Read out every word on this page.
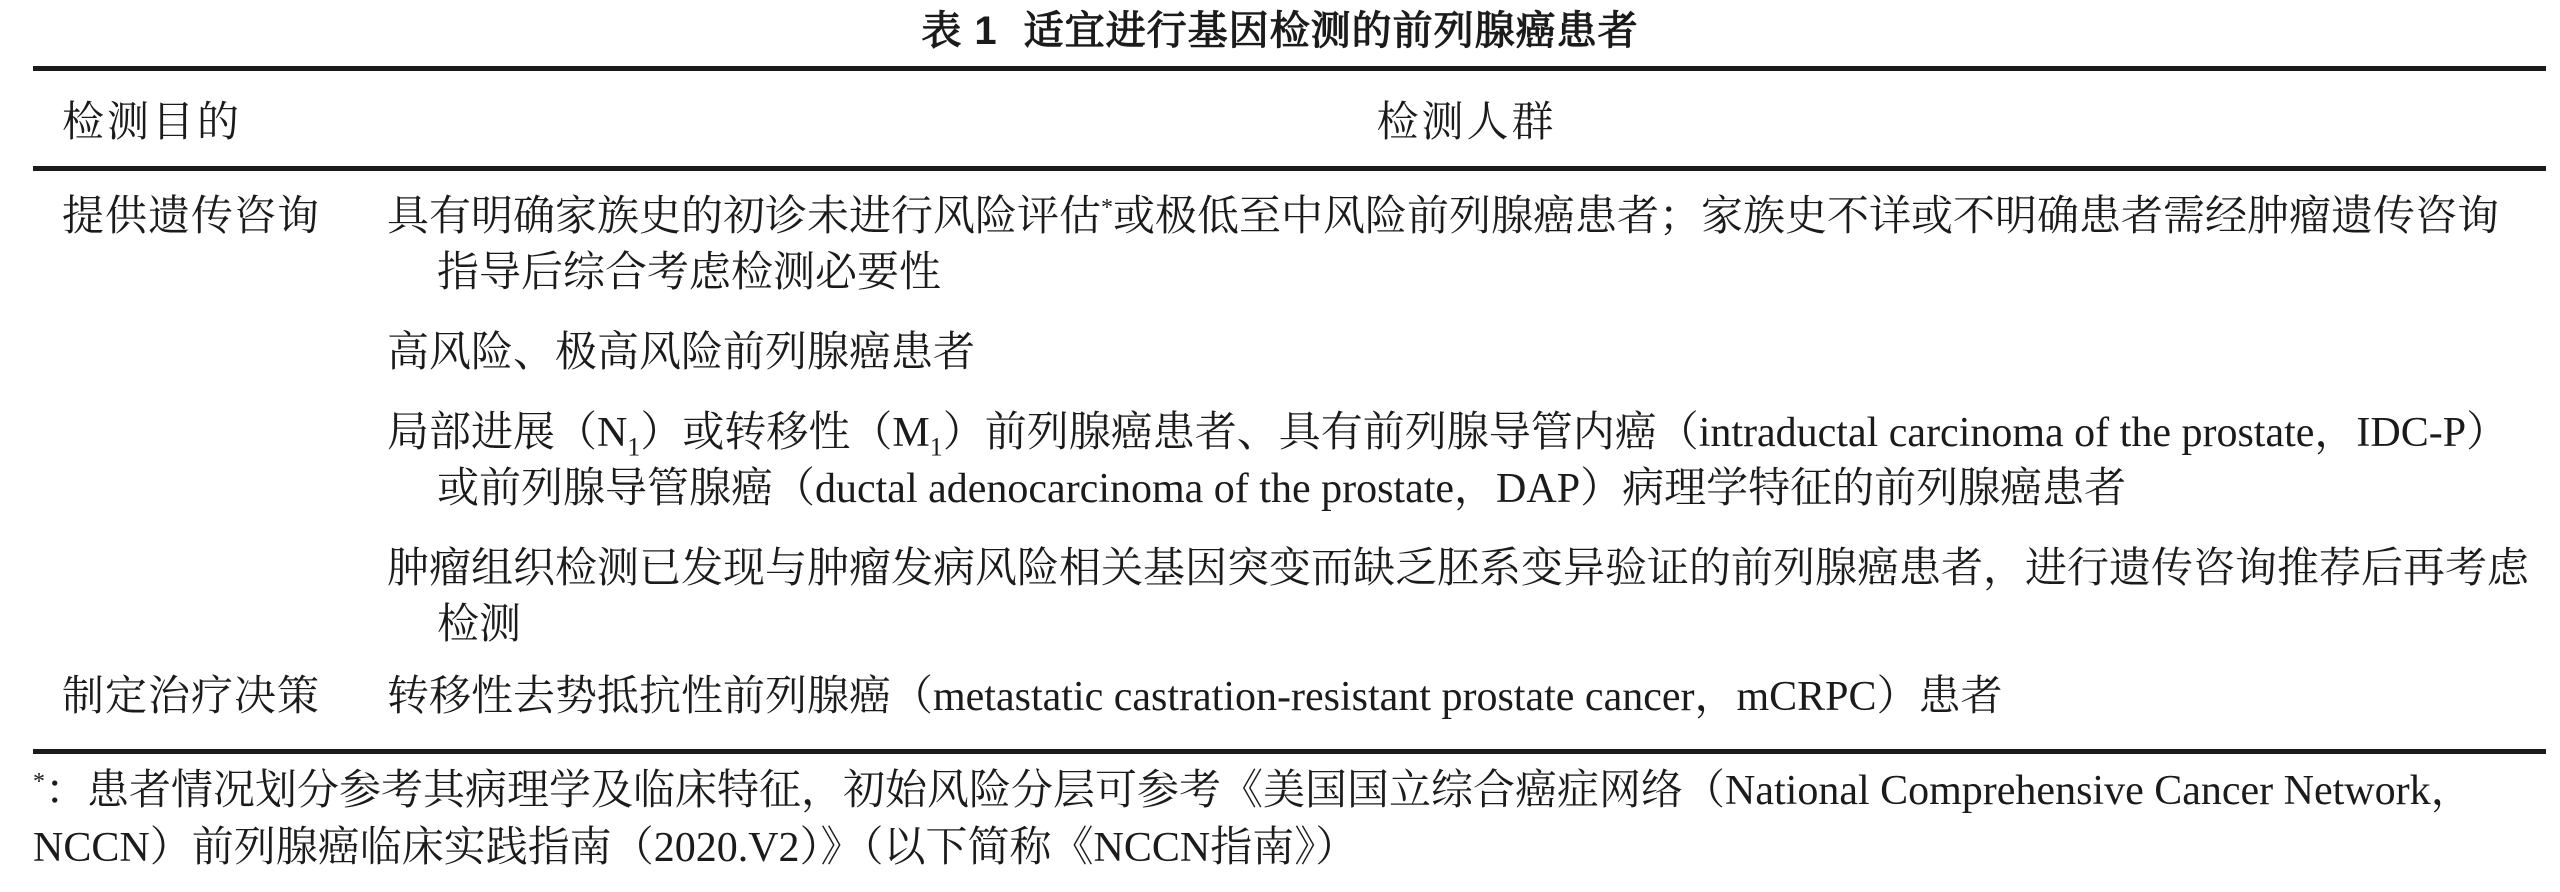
表 1 适宜进行基因检测的前列腺癌患者
检测目的	检测人群
提供遗传咨询	具有明确家族史的初诊未进行风险评估*或极低至中风险前列腺癌患者；家族史不详或不明确患者需经肿瘤遗传咨询
指导后综合考虑检测必要性
高风险、极高风险前列腺癌患者
局部进展$(N_1)$或转移性$(M_1)$前列腺癌患者、具有前列腺导管内癌（intraductal carcinoma of the prostate，IDC-P）
或前列腺导管腺癌（ductal adenocarcinoma of the prostate，DAP）病理学特征的前列腺癌患者
肿瘤组织检测已发现与肿瘤发病风险相关基因突变而缺乏胚系变异验证的前列腺癌患者，进行遗传咨询推荐后再考虑
检测
制定治疗决策	转移性去势抵抗性前列腺癌（metastatic castration-resistant prostate cancer，mCRPC）患者
*：患者情况划分参考其病理学及临床特征，初始风险分层可参考《美国国立综合癌症网络（National Comprehensive Cancer Network，
NCCN）前列腺癌临床实践指南（2020.V2）》（以下简称《NCCN指南》）
